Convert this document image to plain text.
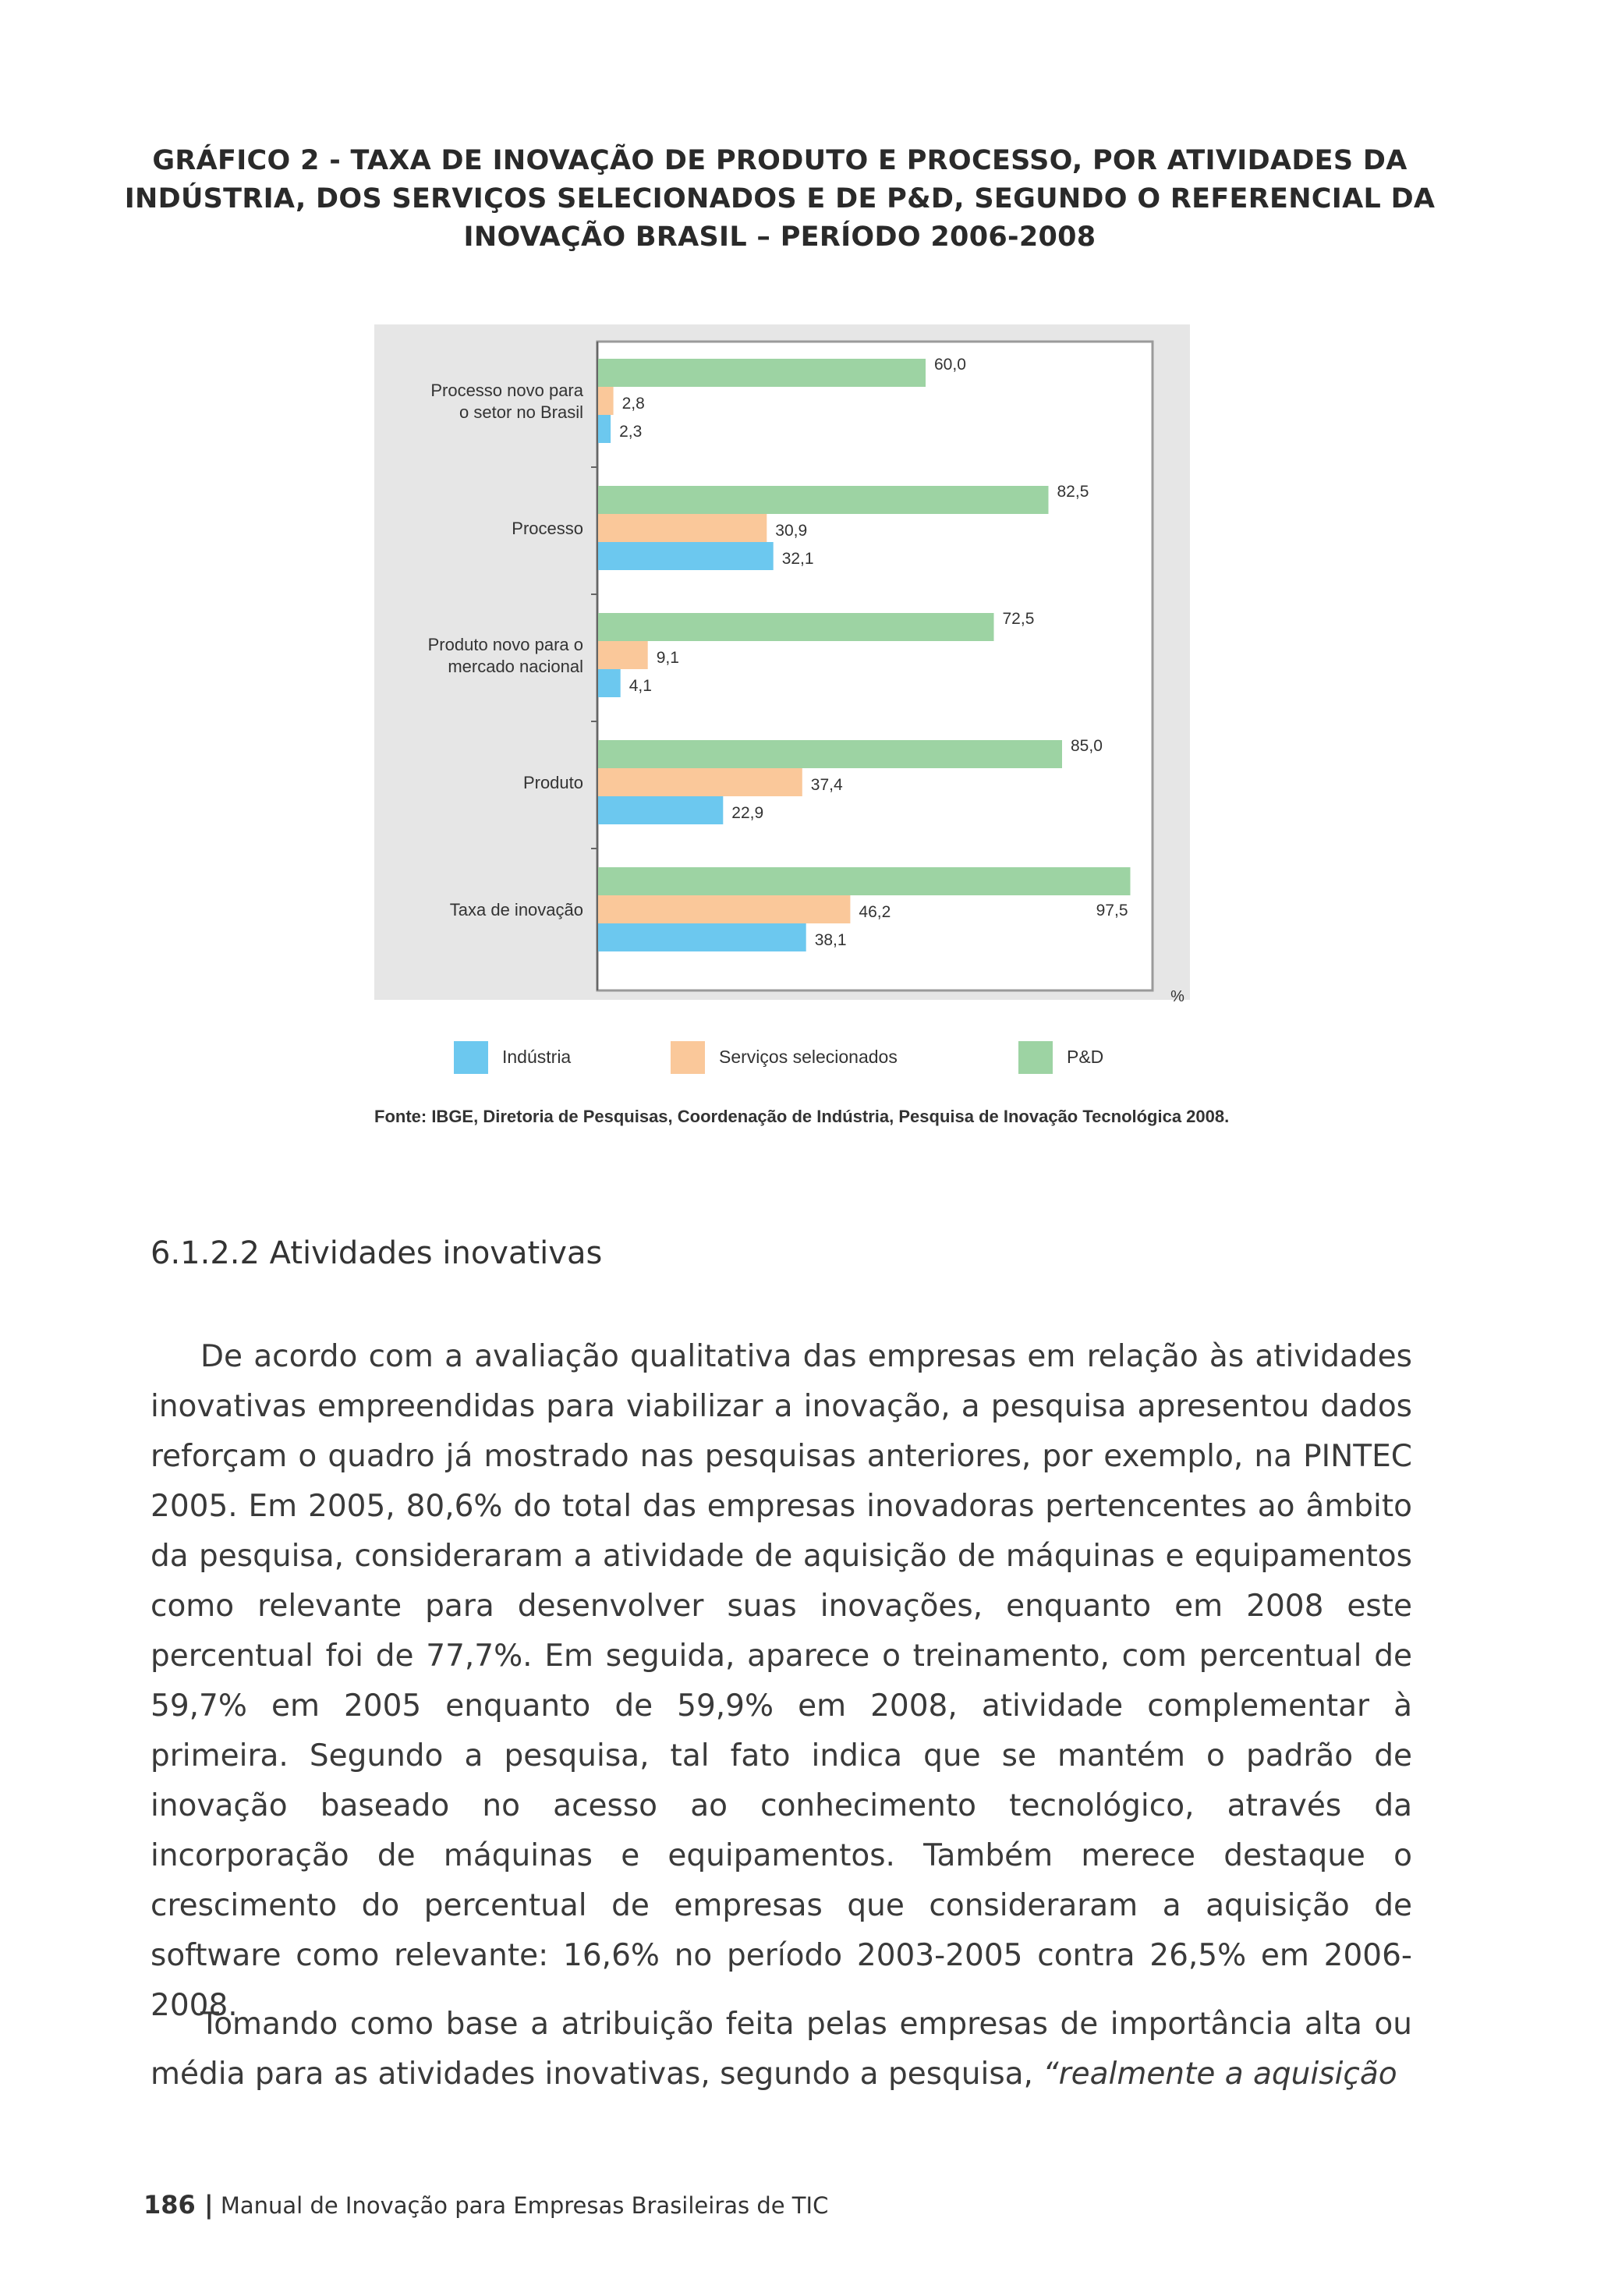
GRÁFICO 2 - TAXA DE INOVAÇÃO DE PRODUTO E PROCESSO, POR ATIVIDADES DA INDÚSTRIA, DOS SERVIÇOS SELECIONADOS E DE P&D, SEGUNDO O REFERENCIAL DA INOVAÇÃO BRASIL – PERÍODO 2006-2008
Processo novo para
o setor no Brasil
60,0
2,8
2,3
Processo
82,5
30,9
32,1
Produto novo para o
mercado nacional
72,5
9,1
4,1
Produto
85,0
37,4
22,9
Taxa de inovação	97,5
46,2
38,1
%
Indústria	Serviços selecionados	P&D
Fonte: IBGE, Diretoria de Pesquisas, Coordenação de Indústria, Pesquisa de Inovação Tecnológica 2008.
6.1.2.2 Atividades inovativas

De acordo com a avaliação qualitativa das empresas em relação às atividades inovativas empreendidas para viabilizar a inovação, a pesquisa apresentou dados reforçam o quadro já mostrado nas pesquisas anteriores, por exemplo, na PINTEC 2005. Em 2005, 80,6% do total das empresas inovadoras pertencentes ao âmbito da pesquisa, consideraram a atividade de aquisição de máquinas e equipamentos como relevante para desenvolver suas inovações, enquanto em 2008 este percentual foi de 77,7%. Em seguida, aparece o treinamento, com percentual de 59,7% em 2005 enquanto de 59,9% em 2008, atividade complementar à primeira. Segundo a pesquisa, tal fato indica que se mantém o padrão de inovação baseado no acesso ao conhecimento tecnológico, através da incorporação de máquinas e equipamentos. Também merece destaque o crescimento do percentual de empresas que consideraram a aquisição de software como relevante: 16,6% no período 2003-2005 contra 26,5% em 2006-2008.

Tomando como base a atribuição feita pelas empresas de importância alta ou média para as atividades inovativas, segundo a pesquisa, “realmente a aquisição

186 | Manual de Inovação para Empresas Brasileiras de TIC
